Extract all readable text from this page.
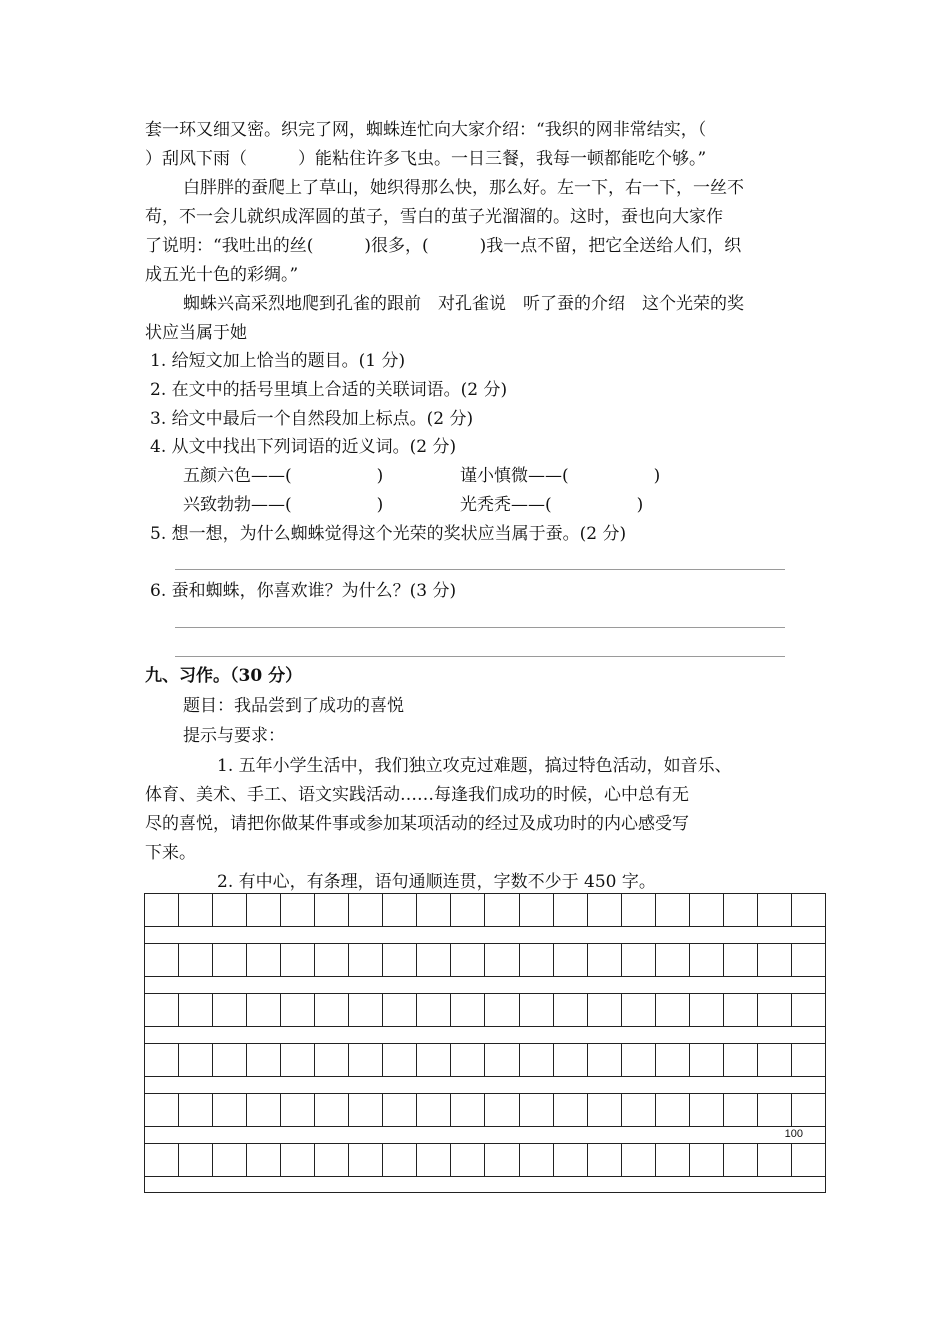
套一环又细又密。织完了网，蜘蛛连忙向大家介绍：“我织的网非常结实，（
）刮风下雨（　　　）能粘住许多飞虫。一日三餐，我每一顿都能吃个够。”
白胖胖的蚕爬上了草山，她织得那么快，那么好。左一下，右一下，一丝不
苟，不一会儿就织成浑圆的茧子，雪白的茧子光溜溜的。这时，蚕也向大家作
了说明：“我吐出的丝(　　　)很多，(　　　)我一点不留，把它全送给人们，织
成五光十色的彩绸。”
蜘蛛兴高采烈地爬到孔雀的跟前　对孔雀说　听了蚕的介绍　这个光荣的奖
状应当属于她
1. 给短文加上恰当的题目。(1 分)
2. 在文中的括号里填上合适的关联词语。(2 分)
3. 给文中最后一个自然段加上标点。(2 分)
4. 从文中找出下列词语的近义词。(2 分)
五颜六色——(　　　　　)	谨小慎微——(　　　　　)
兴致勃勃——(　　　　　)	光秃秃——(　　　　　)
5. 想一想，为什么蜘蛛觉得这个光荣的奖状应当属于蚕。(2 分)
6. 蚕和蜘蛛，你喜欢谁？为什么？(3 分)
九、习作。（30 分）
题目：我品尝到了成功的喜悦
提示与要求：
1. 五年小学生活中，我们独立攻克过难题，搞过特色活动，如音乐、
体育、美术、手工、语文实践活动……每逢我们成功的时候，心中总有无
尽的喜悦，请把你做某件事或参加某项活动的经过及成功时的内心感受写
下来。
2. 有中心，有条理，语句通顺连贯，字数不少于 450 字。
100
